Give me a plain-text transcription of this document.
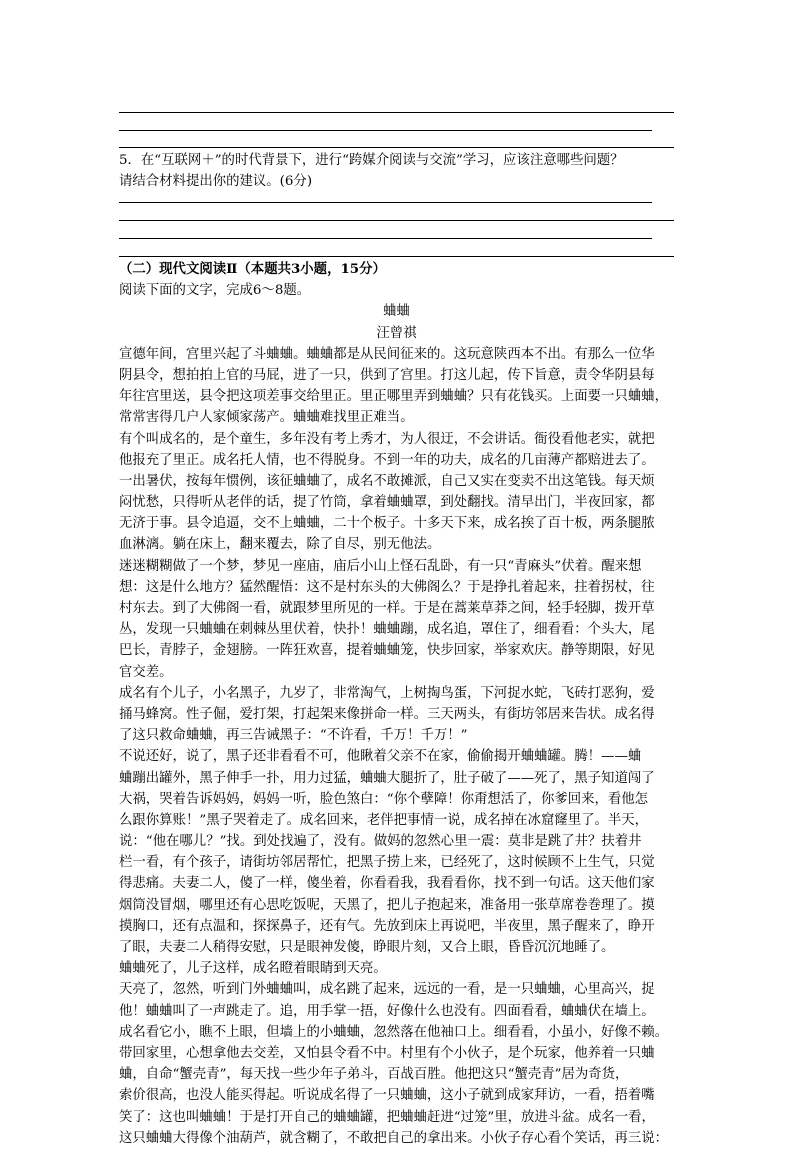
5．在“互联网＋”的时代背景下，进行“跨媒介阅读与交流”学习，应该注意哪些问题？
请结合材料提出你的建议。(6分)
（二）现代文阅读Ⅱ（本题共3小题，15分）
阅读下面的文字，完成6～8题。
蛐蛐
汪曾祺
宣德年间，宫里兴起了斗蛐蛐。蛐蛐都是从民间征来的。这玩意陕西本不出。有那么一位华
阴县令，想拍拍上官的马屁，进了一只，供到了宫里。打这儿起，传下旨意，责令华阴县每
年往宫里送，县令把这项差事交给里正。里正哪里弄到蛐蛐？只有花钱买。上面要一只蛐蛐，
常常害得几户人家倾家荡产。蛐蛐难找里正难当。
有个叫成名的，是个童生，多年没有考上秀才，为人很迂，不会讲话。衙役看他老实，就把
他报充了里正。成名托人情，也不得脱身。不到一年的功夫，成名的几亩薄产都赔进去了。
一出暑伏，按每年惯例，该征蛐蛐了，成名不敢摊派，自己又实在变卖不出这笔钱。每天烦
闷忧愁，只得听从老伴的话，提了竹筒，拿着蛐蛐罩，到处翻找。清早出门，半夜回家，都
无济于事。县令追逼，交不上蛐蛐，二十个板子。十多天下来，成名挨了百十板，两条腿脓
血淋漓。躺在床上，翻来覆去，除了自尽，别无他法。
迷迷糊糊做了一个梦，梦见一座庙，庙后小山上怪石乱卧，有一只“青麻头”伏着。醒来想
想：这是什么地方？猛然醒悟：这不是村东头的大佛阁么？于是挣扎着起来，拄着拐杖，往
村东去。到了大佛阁一看，就跟梦里所见的一样。于是在蒿莱草莽之间，轻手轻脚，拨开草
丛，发现一只蛐蛐在刺棘丛里伏着，快扑！蛐蛐蹦，成名追，罩住了，细看看：个头大，尾
巴长，青脖子，金翅膀。一阵狂欢喜，提着蛐蛐笼，快步回家，举家欢庆。静等期限，好见
官交差。
成名有个儿子，小名黑子，九岁了，非常淘气，上树掏鸟蛋，下河捉水蛇，飞砖打恶狗，爱
捅马蜂窝。性子倔，爱打架，打起架来像拼命一样。三天两头，有街坊邻居来告状。成名得
了这只救命蛐蛐，再三告诫黑子：“不许看，千万！千万！”
不说还好，说了，黑子还非看看不可，他瞅着父亲不在家，偷偷揭开蛐蛐罐。腾！——蛐
蛐蹦出罐外，黑子伸手一扑，用力过猛，蛐蛐大腿折了，肚子破了——死了，黑子知道闯了
大祸，哭着告诉妈妈，妈妈一听，脸色煞白：“你个孽障！你甭想活了，你爹回来，看他怎
么跟你算账！”黑子哭着走了。成名回来，老伴把事情一说，成名掉在冰窟窿里了。半天，
说：“他在哪儿？”找。到处找遍了，没有。做妈的忽然心里一震：莫非是跳了井？扶着井
栏一看，有个孩子，请街坊邻居帮忙，把黑子捞上来，已经死了，这时候顾不上生气，只觉
得悲痛。夫妻二人，傻了一样，傻坐着，你看看我，我看看你，找不到一句话。这天他们家
烟筒没冒烟，哪里还有心思吃饭呢，天黑了，把儿子抱起来，准备用一张草席卷巻理了。摸
摸胸口，还有点温和，探探鼻子，还有气。先放到床上再说吧，半夜里，黑子醒来了，睁开
了眼，夫妻二人稍得安慰，只是眼神发傻，睁眼片刻，又合上眼，昏昏沉沉地睡了。
蛐蛐死了，儿子这样，成名瞪着眼睛到天亮。
天亮了，忽然，听到门外蛐蛐叫，成名跳了起来，远远的一看，是一只蛐蛐，心里高兴，捉
他！蛐蛐叫了一声跳走了。追，用手掌一捂，好像什么也没有。四面看看，蛐蛐伏在墙上。
成名看它小，瞧不上眼，但墙上的小蛐蛐，忽然落在他袖口上。细看看，小虽小，好像不赖。
带回家里，心想拿他去交差，又怕县令看不中。村里有个小伙子，是个玩家，他养着一只蛐
蛐，自命“蟹壳青”，每天找一些少年子弟斗，百战百胜。他把这只“蟹壳青”居为奇货，
索价很高，也没人能买得起。听说成名得了一只蛐蛐，这小子就到成家拜访，一看，捂着嘴
笑了：这也叫蛐蛐！于是打开自己的蛐蛐罐，把蛐蛐赶进“过笼”里，放进斗盆。成名一看，
这只蛐蛐大得像个油葫芦，就含糊了，不敢把自己的拿出来。小伙子存心看个笑话，再三说：
